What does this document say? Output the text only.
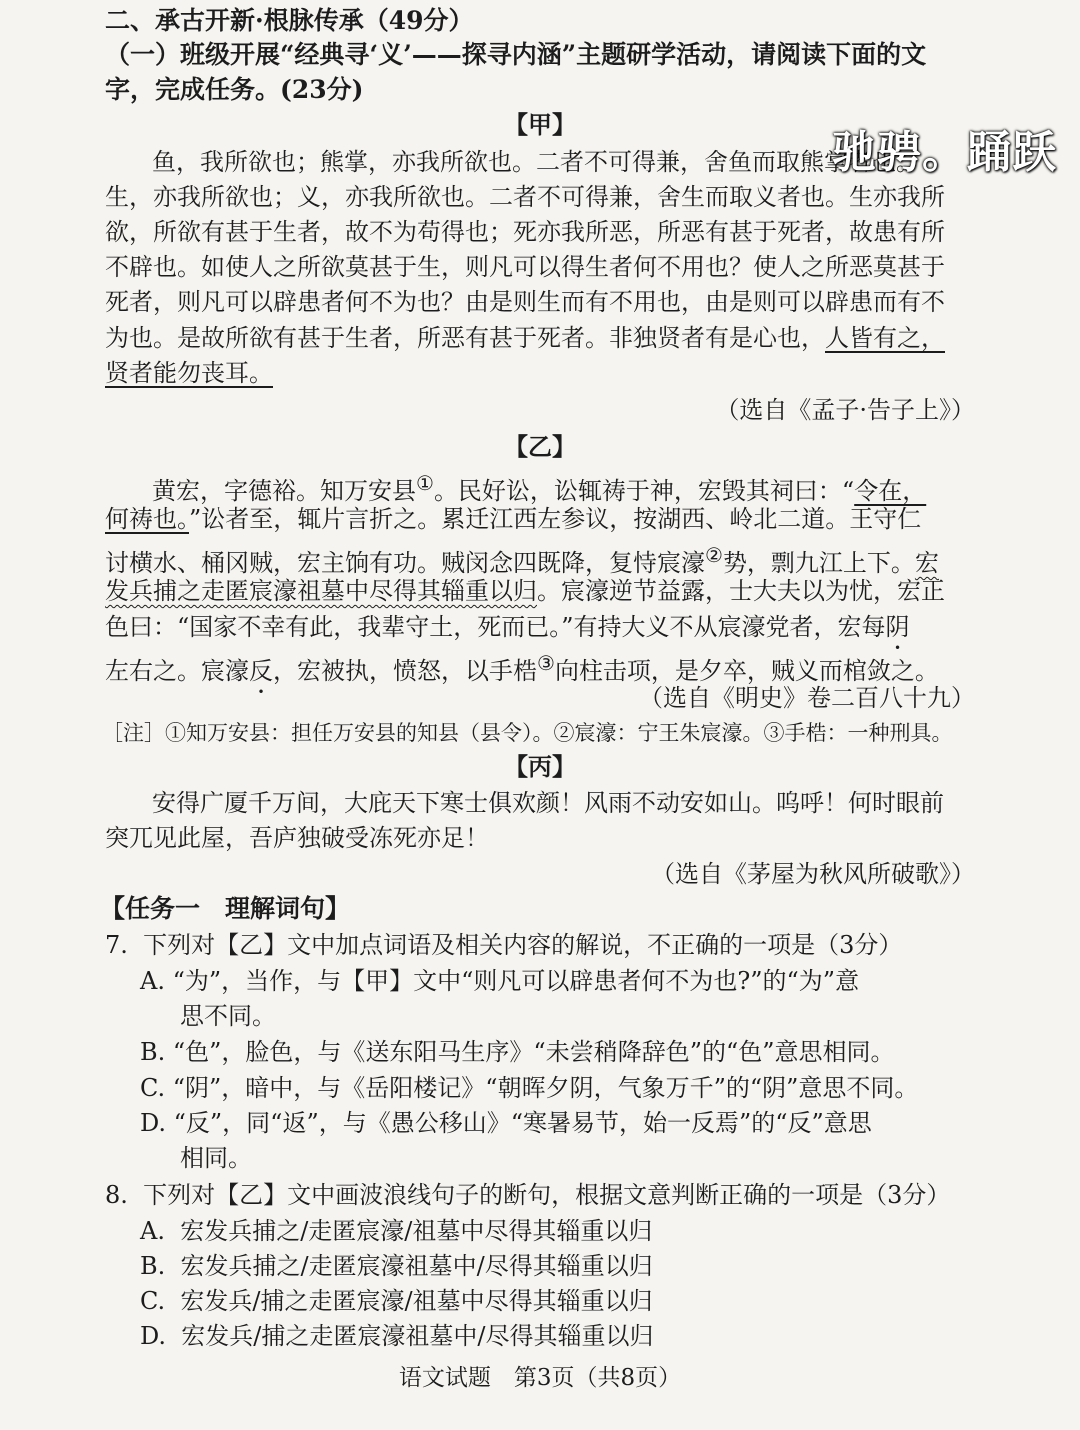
二、承古开新·根脉传承（49分）
（一）班级开展“经典寻‘义’——探寻内涵”主题研学活动，请阅读下面的文
字，完成任务。(23分)
【甲】
鱼，我所欲也；熊掌，亦我所欲也。二者不可得兼，舍鱼而取熊掌者也。
生，亦我所欲也；义，亦我所欲也。二者不可得兼，舍生而取义者也。生亦我所
欲，所欲有甚于生者，故不为苟得也；死亦我所恶，所恶有甚于死者，故患有所
不辟也。如使人之所欲莫甚于生，则凡可以得生者何不用也？使人之所恶莫甚于
死者，则凡可以辟患者何不为也？由是则生而有不用也，由是则可以辟患而有不
为也。是故所欲有甚于生者，所恶有甚于死者。非独贤者有是心也，人皆有之，
贤者能勿丧耳。
（选自《孟子·告子上》）
【乙】
黄宏，字德裕。知万安县①。民好讼，讼辄祷于神，宏毁其祠曰：“令在，
何祷也。”讼者至，辄片言折之。累迁江西左参议，按湖西、岭北二道。王守仁
讨横水、桶冈贼，宏主饷有功。贼闵念四既降，复恃宸濠②势，剽九江上下。宏
发兵捕之走匿宸濠祖墓中尽得其辎重以归。宸濠逆节益露，士大夫以为忧，宏正
色曰：“国家不幸有此，我辈守土，死而已。”有持大义不从宸濠党者，宏每阴
左右之。宸濠反，宏被执，愤怒，以手梏③向柱击项，是夕卒，贼义而棺敛之。
（选自《明史》卷二百八十九）
［注］①知万安县：担任万安县的知县（县令）。②宸濠：宁王朱宸濠。③手梏：一种刑具。
【丙】
安得广厦千万间，大庇天下寒士俱欢颜！风雨不动安如山。呜呼！何时眼前
突兀见此屋，吾庐独破受冻死亦足！
（选自《茅屋为秋风所破歌》）
【任务一　理解词句】
7.  下列对【乙】文中加点词语及相关内容的解说，不正确的一项是（3分）
A. “为”，当作，与【甲】文中“则凡可以辟患者何不为也?”的“为”意
思不同。
B. “色”，脸色，与《送东阳马生序》“未尝稍降辞色”的“色”意思相同。
C. “阴”，暗中，与《岳阳楼记》“朝晖夕阴，气象万千”的“阴”意思不同。
D. “反”，同“返”，与《愚公移山》“寒暑易节，始一反焉”的“反”意思
相同。
8.  下列对【乙】文中画波浪线句子的断句，根据文意判断正确的一项是（3分）
A.  宏发兵捕之/走匿宸濠/祖墓中尽得其辎重以归
B.  宏发兵捕之/走匿宸濠祖墓中/尽得其辎重以归
C.  宏发兵/捕之走匿宸濠/祖墓中尽得其辎重以归
D.  宏发兵/捕之走匿宸濠祖墓中/尽得其辎重以归
语文试题　第3页（共8页）
驰骋。踊跃
